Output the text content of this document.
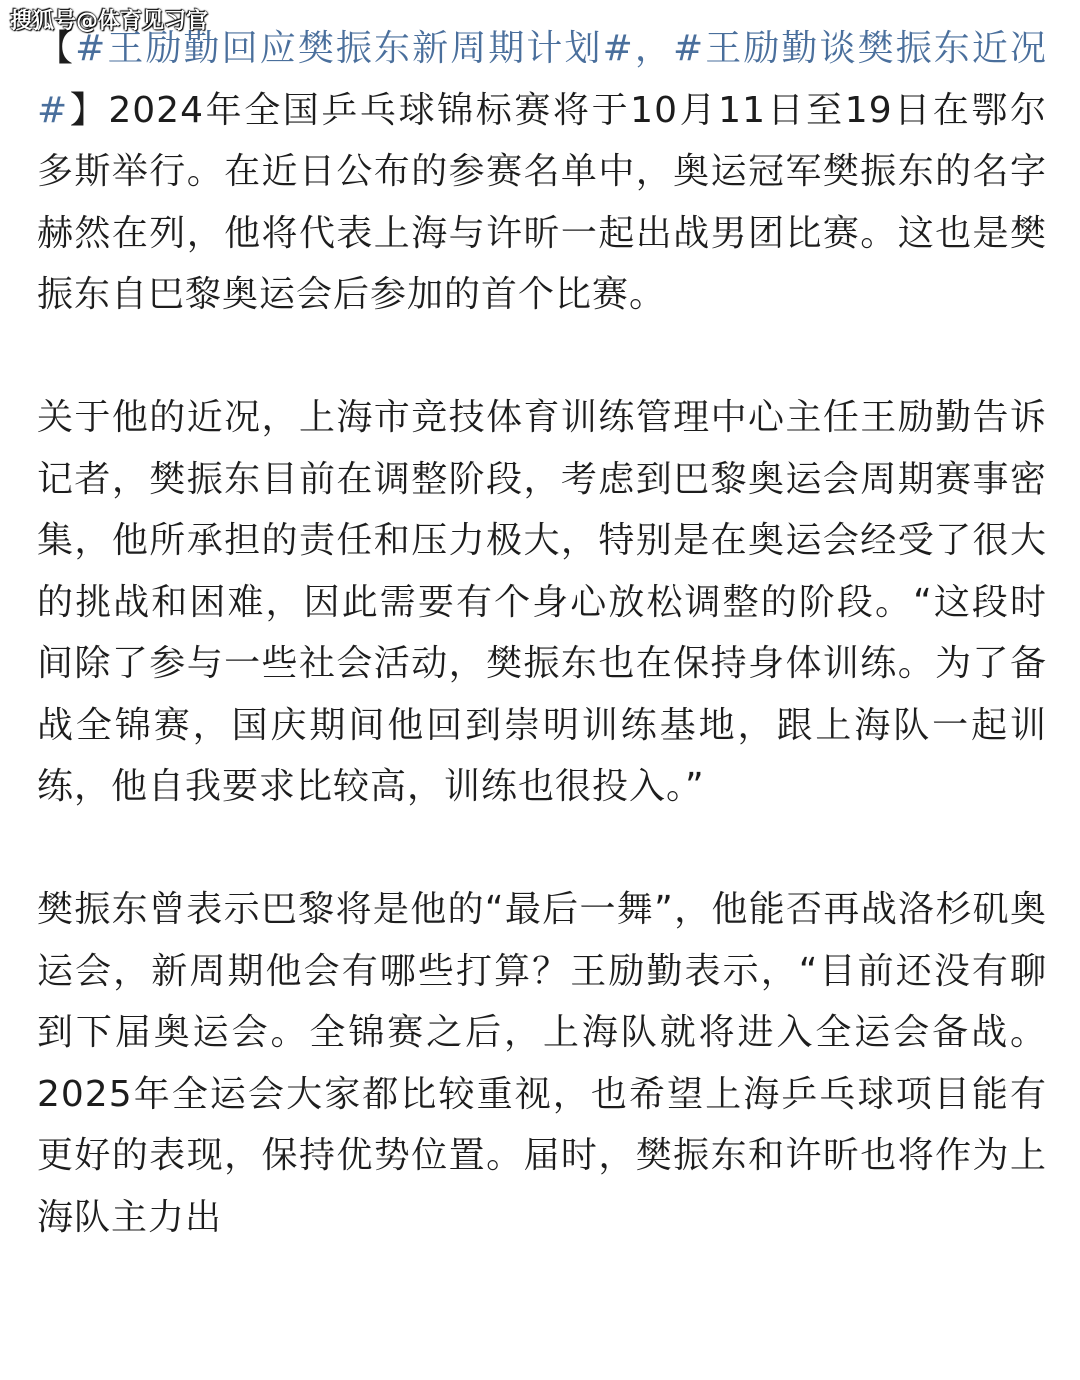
搜狐号@体育见习官

【#王励勤回应樊振东新周期计划#，#王励勤谈樊振东近况#】2024年全国乒乓球锦标赛将于10月11日至19日在鄂尔多斯举行。在近日公布的参赛名单中，奥运冠军樊振东的名字赫然在列，他将代表上海与许昕一起出战男团比赛。这也是樊振东自巴黎奥运会后参加的首个比赛。

关于他的近况，上海市竞技体育训练管理中心主任王励勤告诉记者，樊振东目前在调整阶段，考虑到巴黎奥运会周期赛事密集，他所承担的责任和压力极大，特别是在奥运会经受了很大的挑战和困难，因此需要有个身心放松调整的阶段。“这段时间除了参与一些社会活动，樊振东也在保持身体训练。为了备战全锦赛，国庆期间他回到崇明训练基地，跟上海队一起训练，他自我要求比较高，训练也很投入。”

樊振东曾表示巴黎将是他的“最后一舞”，他能否再战洛杉矶奥运会，新周期他会有哪些打算？王励勤表示，“目前还没有聊到下届奥运会。全锦赛之后，上海队就将进入全运会备战。2025年全运会大家都比较重视，也希望上海乒乓球项目能有更好的表现，保持优势位置。届时，樊振东和许昕也将作为上海队主力出
